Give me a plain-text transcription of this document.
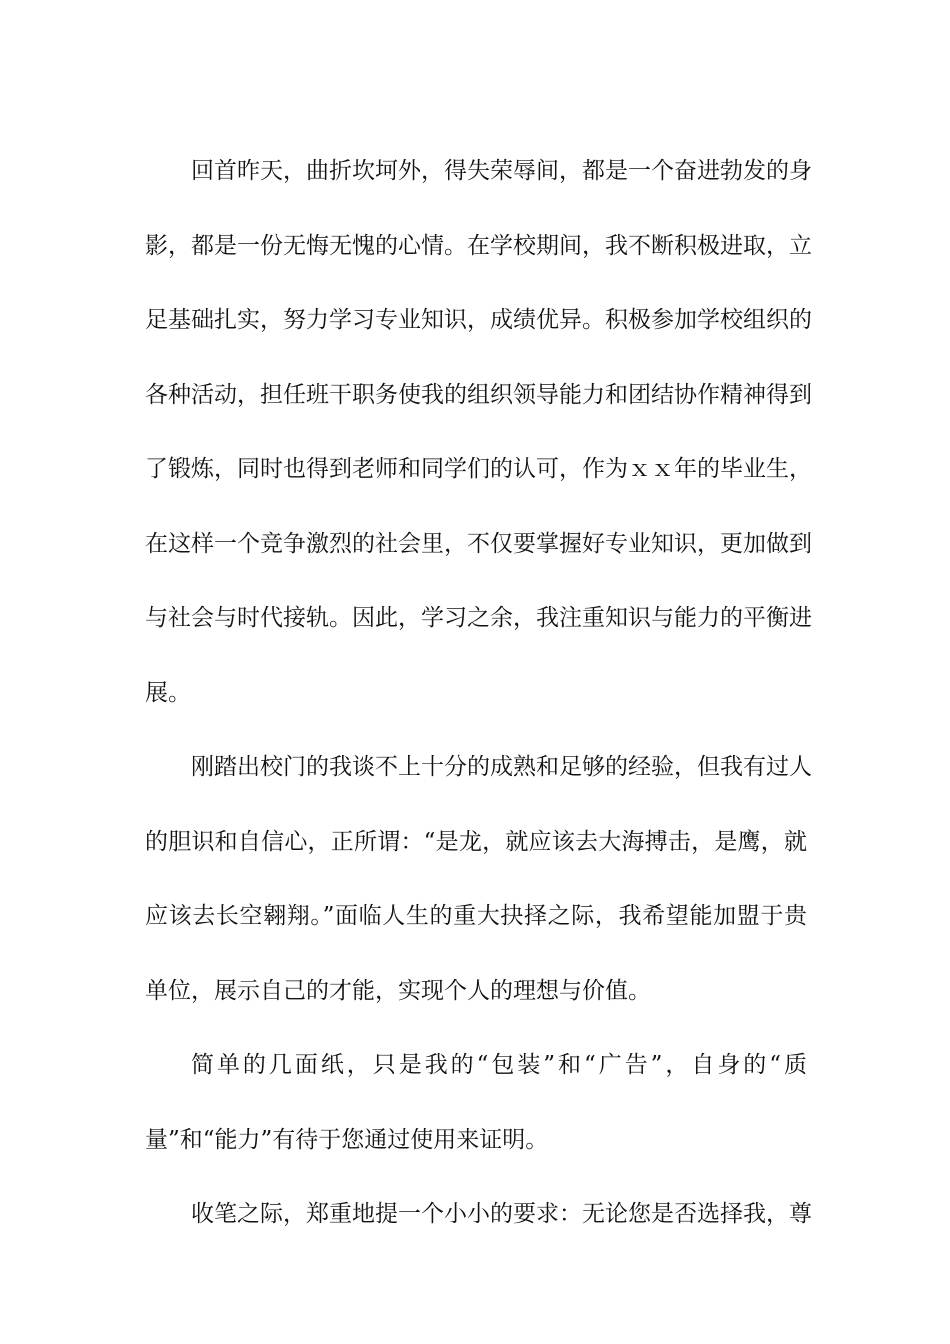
回首昨天，曲折坎坷外，得失荣辱间，都是一个奋进勃发的身
影，都是一份无悔无愧的心情。在学校期间，我不断积极进取，立
足基础扎实，努力学习专业知识，成绩优异。积极参加学校组织的
各种活动，担任班干职务使我的组织领导能力和团结协作精神得到
了锻炼，同时也得到老师和同学们的认可，作为ｘｘ年的毕业生，
在这样一个竞争激烈的社会里，不仅要掌握好专业知识，更加做到
与社会与时代接轨。因此，学习之余，我注重知识与能力的平衡进
展。
刚踏出校门的我谈不上十分的成熟和足够的经验，但我有过人
的胆识和自信心，正所谓：“是龙，就应该去大海搏击，是鹰，就
应该去长空翱翔。”面临人生的重大抉择之际，我希望能加盟于贵
单位，展示自己的才能，实现个人的理想与价值。
简单的几面纸，只是我的“包装”和“广告”，自身的“质
量”和“能力”有待于您通过使用来证明。
收笔之际，郑重地提一个小小的要求：无论您是否选择我，尊
